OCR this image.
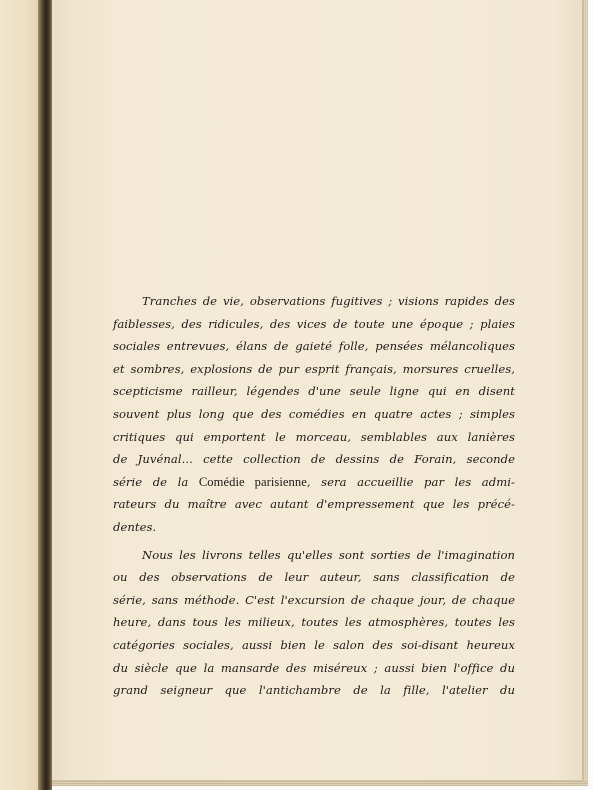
Tranches de vie, observations fugitives ; visions rapides des
faiblesses, des ridicules, des vices de toute une époque ; plaies
sociales entrevues, élans de gaieté folle, pensées mélancoliques
et sombres, explosions de pur esprit français, morsures cruelles,
scepticisme railleur, légendes d'une seule ligne qui en disent
souvent plus long que des comédies en quatre actes ; simples
critiques qui emportent le morceau, semblables aux lanières
de Juvénal... cette collection de dessins de Forain, seconde
série de la Comédie parisienne, sera accueillie par les admi-
rateurs du maître avec autant d'empressement que les précé-
dentes.

Nous les livrons telles qu'elles sont sorties de l'imagination
ou des observations de leur auteur, sans classification de
série, sans méthode. C'est l'excursion de chaque jour, de chaque
heure, dans tous les milieux, toutes les atmosphères, toutes les
catégories sociales, aussi bien le salon des soi-disant heureux
du siècle que la mansarde des miséreux ; aussi bien l'office du
grand seigneur que l'antichambre de la fille, l'atelier du
